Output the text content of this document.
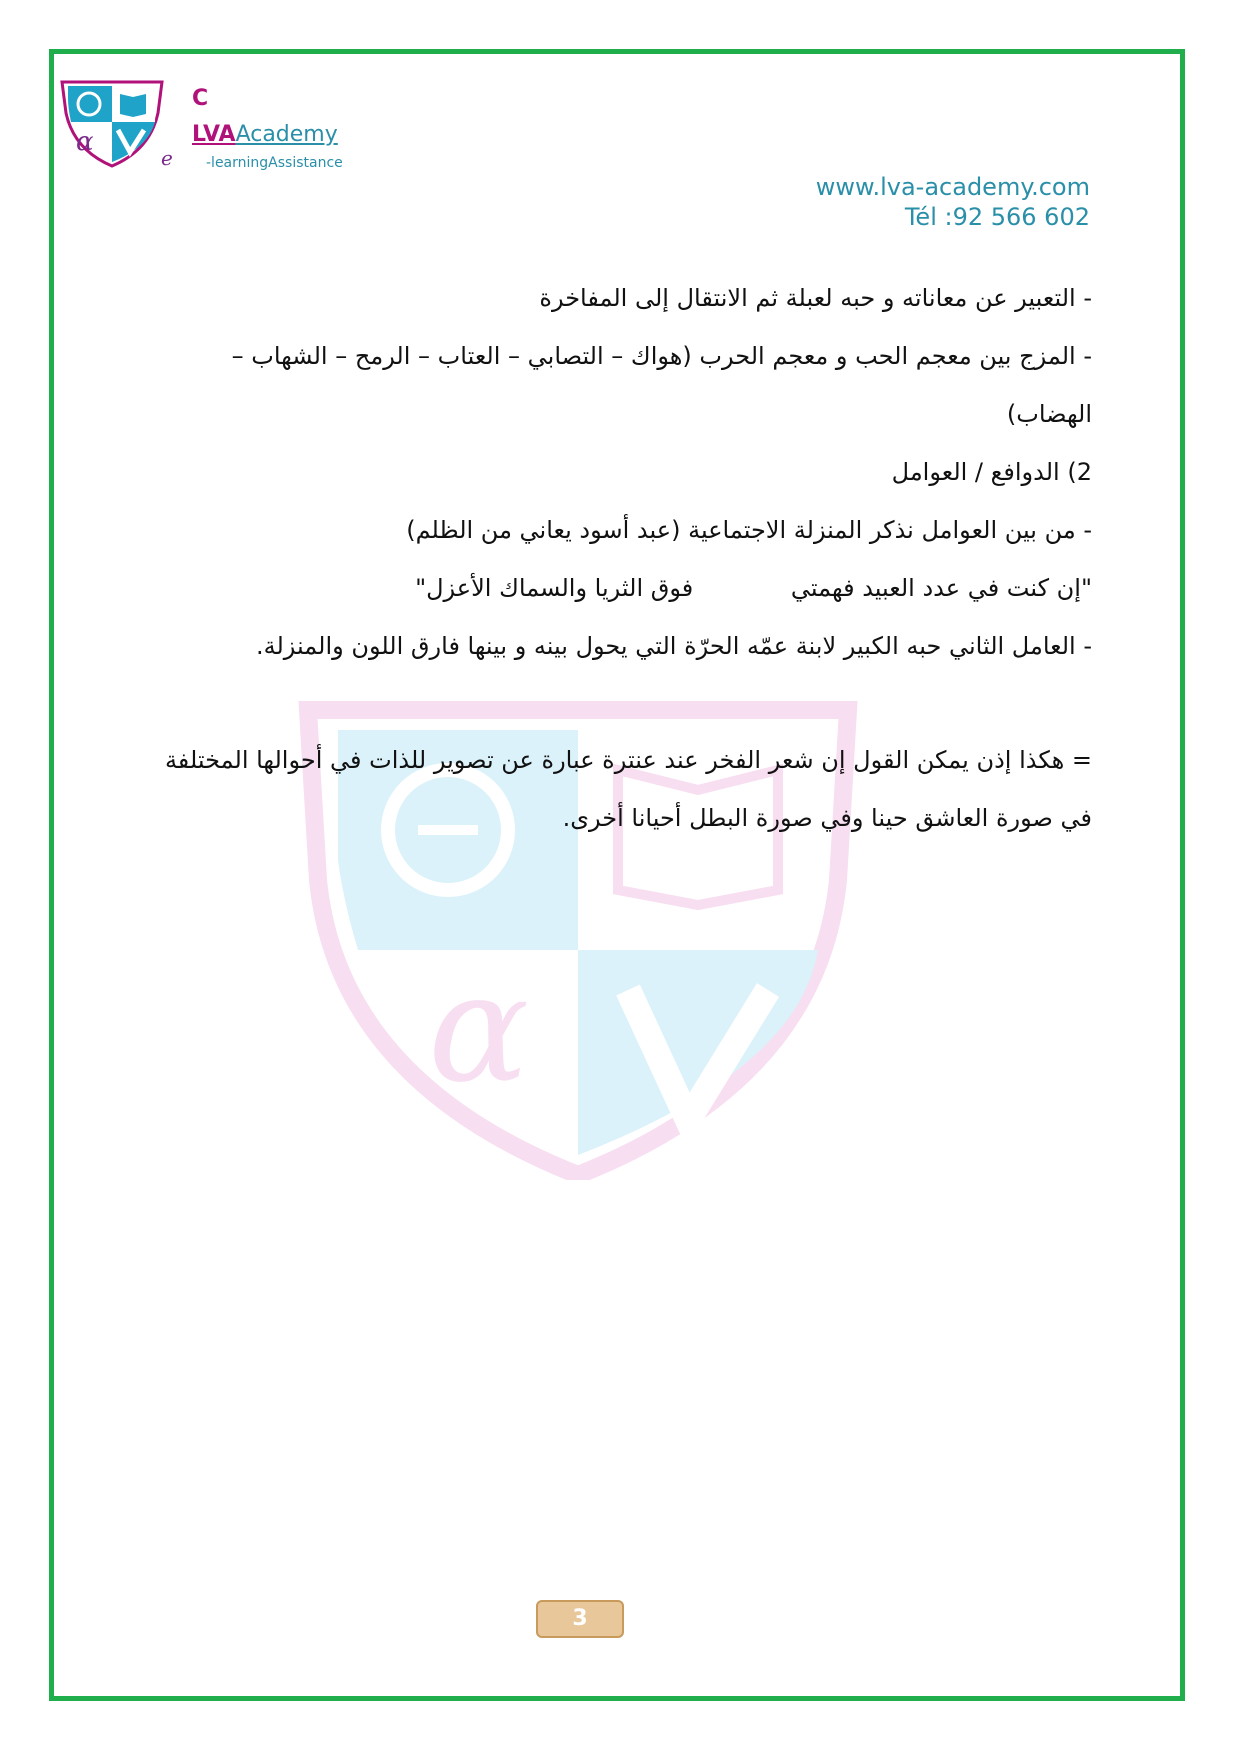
α
α
C
LVAAcademy
e -learningAssistance
www.lva-academy.com
Tél :92 566 602
- التعبير عن معاناته و حبه لعبلة ثم الانتقال إلى المفاخرة
- المزج بين معجم الحب و معجم الحرب (هواك – التصابي – العتاب – الرمح – الشهاب –
الهضاب)
2) الدوافع / العوامل
- من بين العوامل نذكر المنزلة الاجتماعية (عبد أسود يعاني من الظلم)
"إن كنت في عدد العبيد فهمتي فوق الثريا والسماك الأعزل"
- العامل الثاني حبه الكبير لابنة عمّه الحرّة التي يحول بينه و بينها فارق اللون والمنزلة.
= هكذا إذن يمكن القول إن شعر الفخر عند عنترة عبارة عن تصوير للذات في أحوالها المختلفة
في صورة العاشق حينا وفي صورة البطل أحيانا أخرى.
3
